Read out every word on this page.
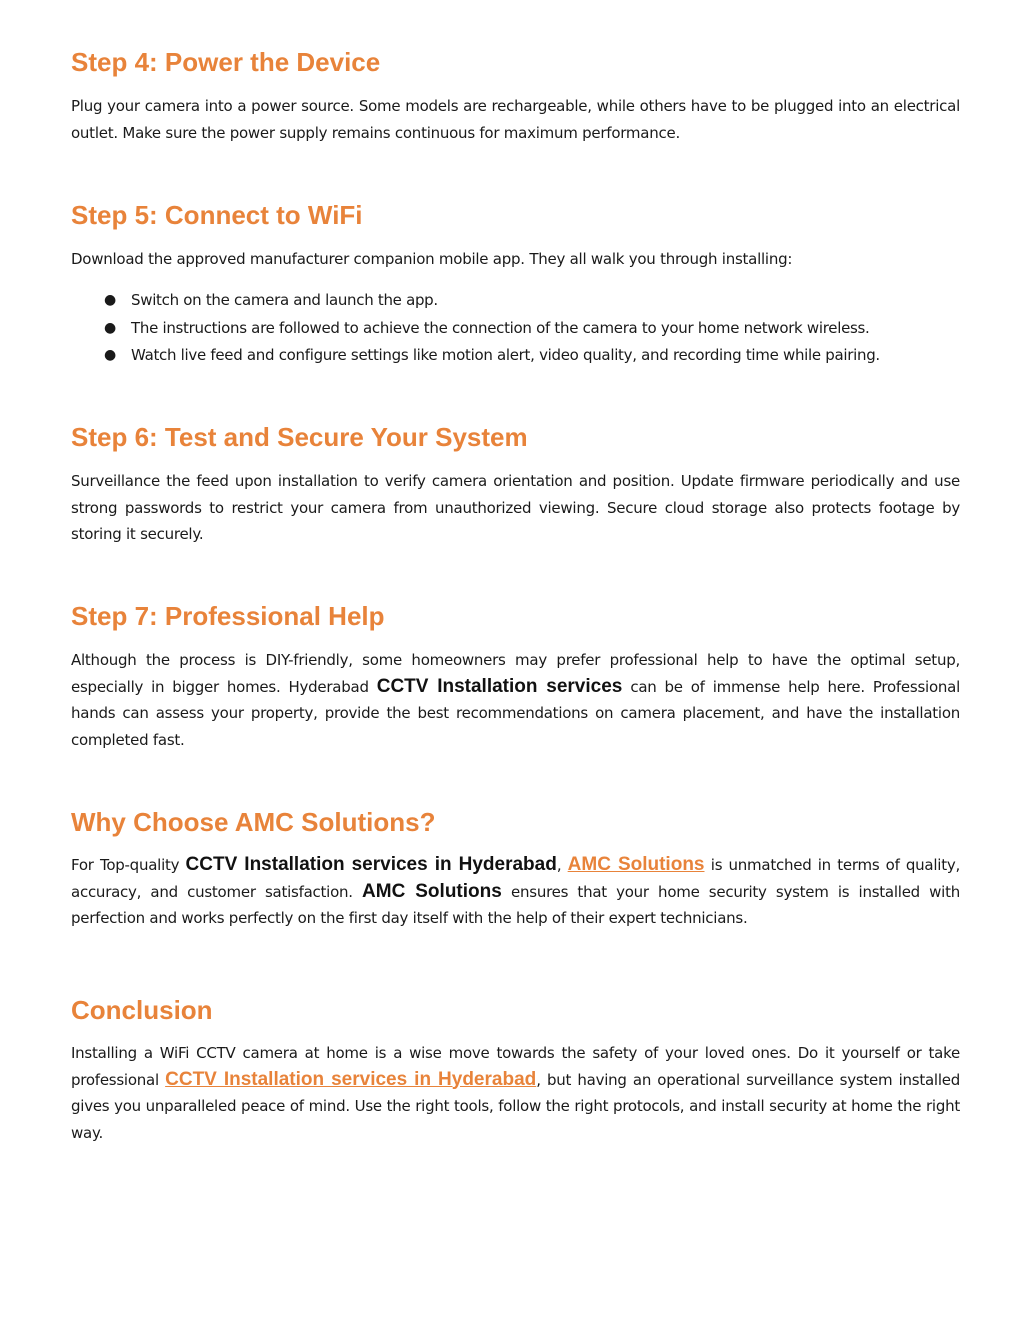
Step 4: Power the Device

Plug your camera into a power source. Some models are rechargeable, while others have to be plugged into an electrical outlet. Make sure the power supply remains continuous for maximum performance.

Step 5: Connect to WiFi

Download the approved manufacturer companion mobile app. They all walk you through installing:

● Switch on the camera and launch the app.
● The instructions are followed to achieve the connection of the camera to your home network wireless.
● Watch live feed and configure settings like motion alert, video quality, and recording time while pairing.
Step 6: Test and Secure Your System

Surveillance the feed upon installation to verify camera orientation and position. Update firmware periodically and use strong passwords to restrict your camera from unauthorized viewing. Secure cloud storage also protects footage by storing it securely.

Step 7: Professional Help

Although the process is DIY-friendly, some homeowners may prefer professional help to have the optimal setup, especially in bigger homes. Hyderabad CCTV Installation services can be of immense help here. Professional hands can assess your property, provide the best recommendations on camera placement, and have the installation completed fast.

Why Choose AMC Solutions?

For Top-quality CCTV Installation services in Hyderabad, AMC Solutions is unmatched in terms of quality, accuracy, and customer satisfaction. AMC Solutions ensures that your home security system is installed with perfection and works perfectly on the first day itself with the help of their expert technicians.

Conclusion

Installing a WiFi CCTV camera at home is a wise move towards the safety of your loved ones. Do it yourself or take professional CCTV Installation services in Hyderabad, but having an operational surveillance system installed gives you unparalleled peace of mind. Use the right tools, follow the right protocols, and install security at home the right way.
